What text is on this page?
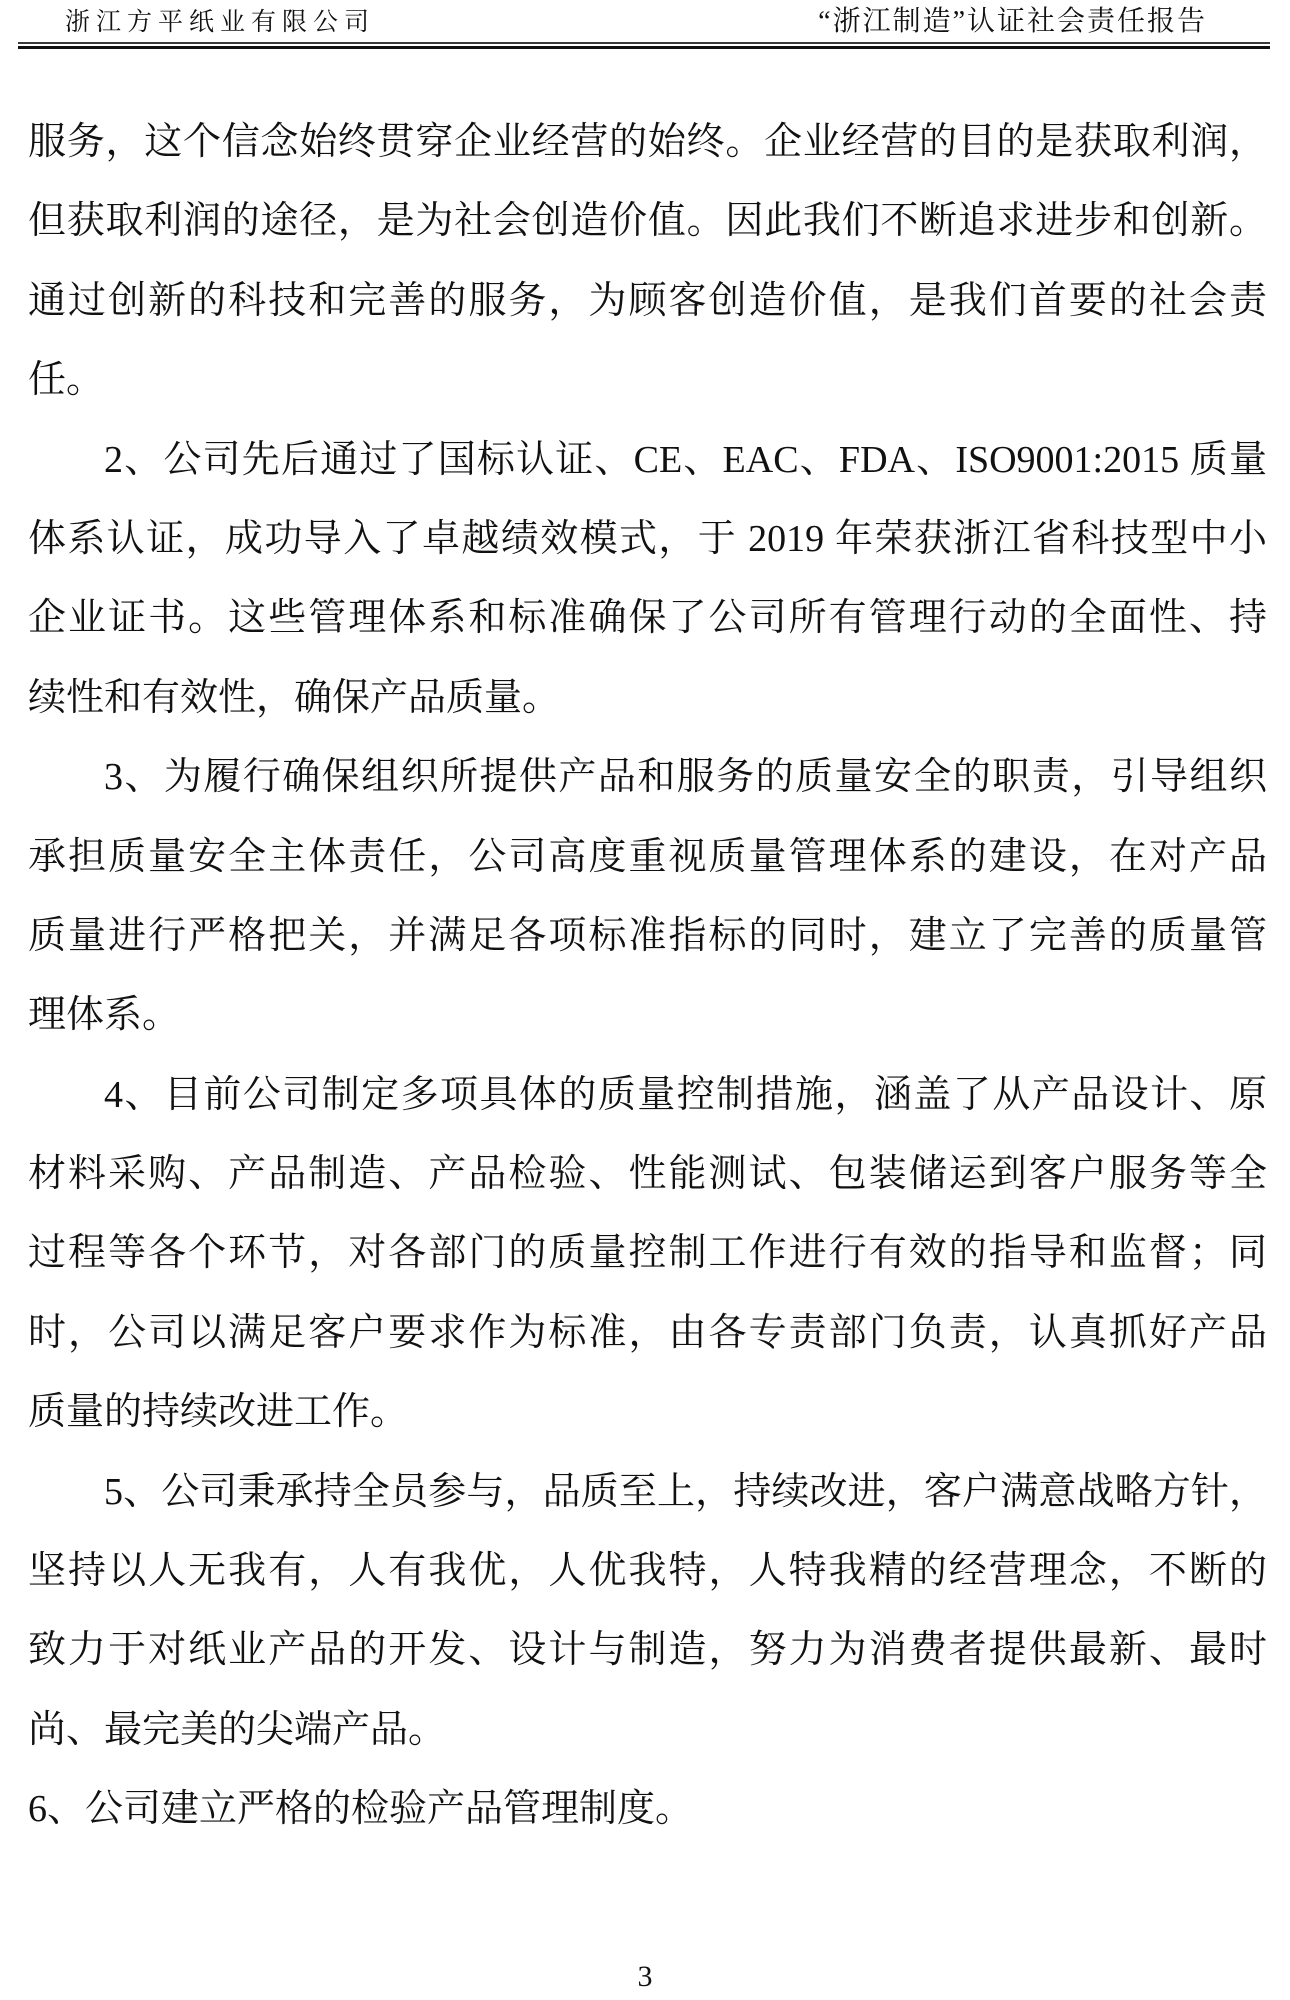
浙江方平纸业有限公司	“浙江制造”认证社会责任报告
服务，这个信念始终贯穿企业经营的始终。企业经营的目的是获取利润，
但获取利润的途径，是为社会创造价值。因此我们不断追求进步和创新。
通过创新的科技和完善的服务，为顾客创造价值，是我们首要的社会责
任。
2、公司先后通过了国标认证、CE、EAC、FDA、ISO9001:2015 质量
体系认证，成功导入了卓越绩效模式，于 2019 年荣获浙江省科技型中小
企业证书。这些管理体系和标准确保了公司所有管理行动的全面性、持
续性和有效性，确保产品质量。
3、为履行确保组织所提供产品和服务的质量安全的职责，引导组织
承担质量安全主体责任，公司高度重视质量管理体系的建设，在对产品
质量进行严格把关，并满足各项标准指标的同时，建立了完善的质量管
理体系。
4、目前公司制定多项具体的质量控制措施，涵盖了从产品设计、原
材料采购、产品制造、产品检验、性能测试、包装储运到客户服务等全
过程等各个环节，对各部门的质量控制工作进行有效的指导和监督；同
时，公司以满足客户要求作为标准，由各专责部门负责，认真抓好产品
质量的持续改进工作。
5、公司秉承持全员参与，品质至上，持续改进，客户满意战略方针，
坚持以人无我有，人有我优，人优我特，人特我精的经营理念，不断的
致力于对纸业产品的开发、设计与制造，努力为消费者提供最新、最时
尚、最完美的尖端产品。
6、公司建立严格的检验产品管理制度。
3
